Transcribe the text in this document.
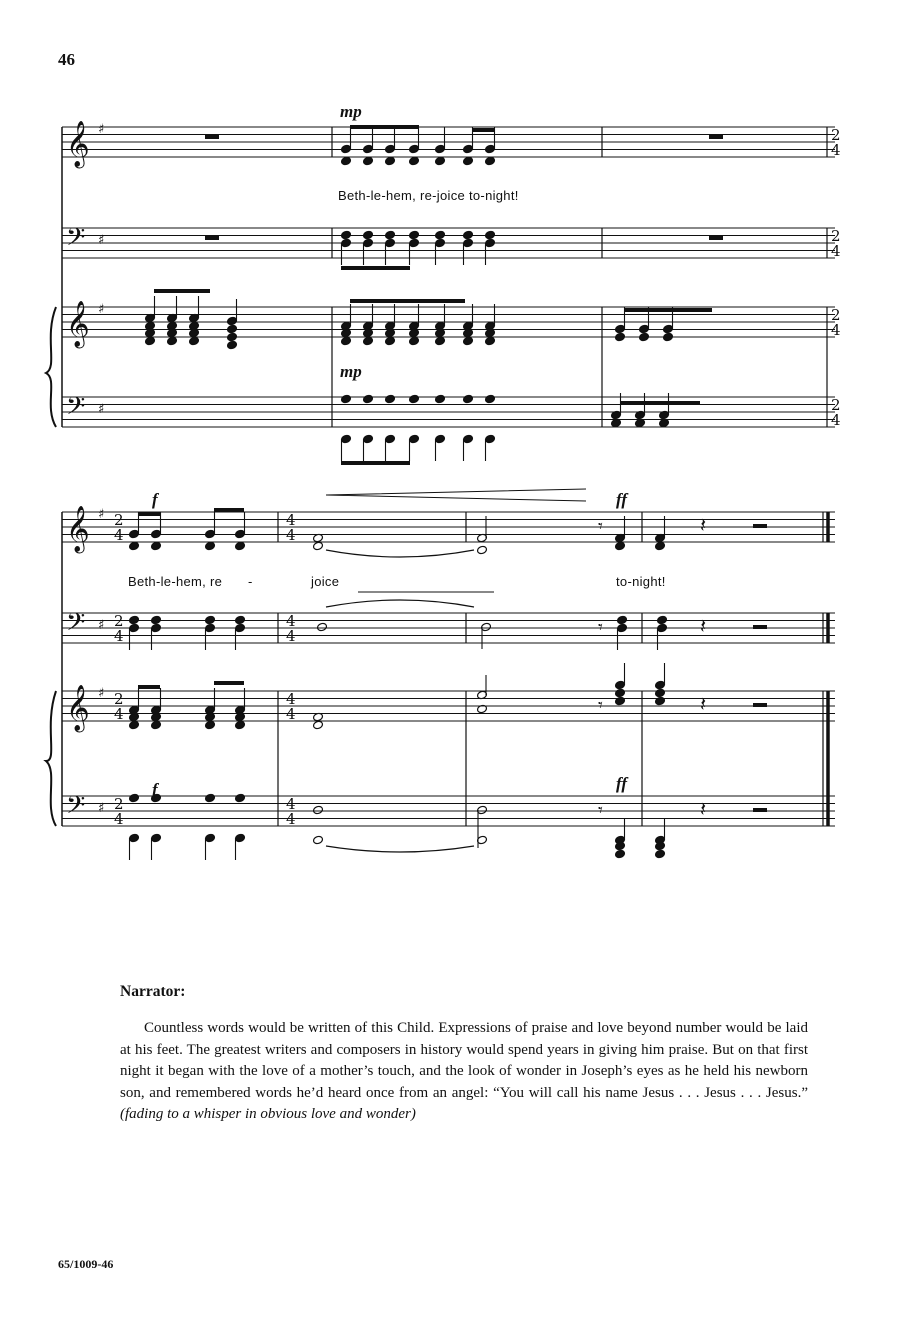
46
𝄞
𝄞
𝄢
𝄢
♯
♯
♯
♯
2
4
2
4
2
4
2
4
𝄞
𝄞
𝄢
𝄢
♯
♯
♯
♯
2
4
2
4
2
4
2
4
4
4
4
4
4
4
4
4
𝄾
𝄾
𝄾
𝄾
𝄽
𝄽
𝄽
𝄽
Beth-le-hem, re-joice to-night!
Beth-le-hem, re -	joice	to-night!
mp
mp
f	ff
f	ff
Narrator:
Countless words would be written of this Child. Expressions of praise and love beyond number would be laid at his feet. The greatest writers and composers in history would spend years in giving him praise. But on that first night it began with the love of a mother’s touch, and the look of wonder in Joseph’s eyes as he held his newborn son, and remembered words he’d heard once from an angel: “You will call his name Jesus . . . Jesus . . . Jesus.” (fading to a whisper in obvious love and wonder)
65/1009-46
